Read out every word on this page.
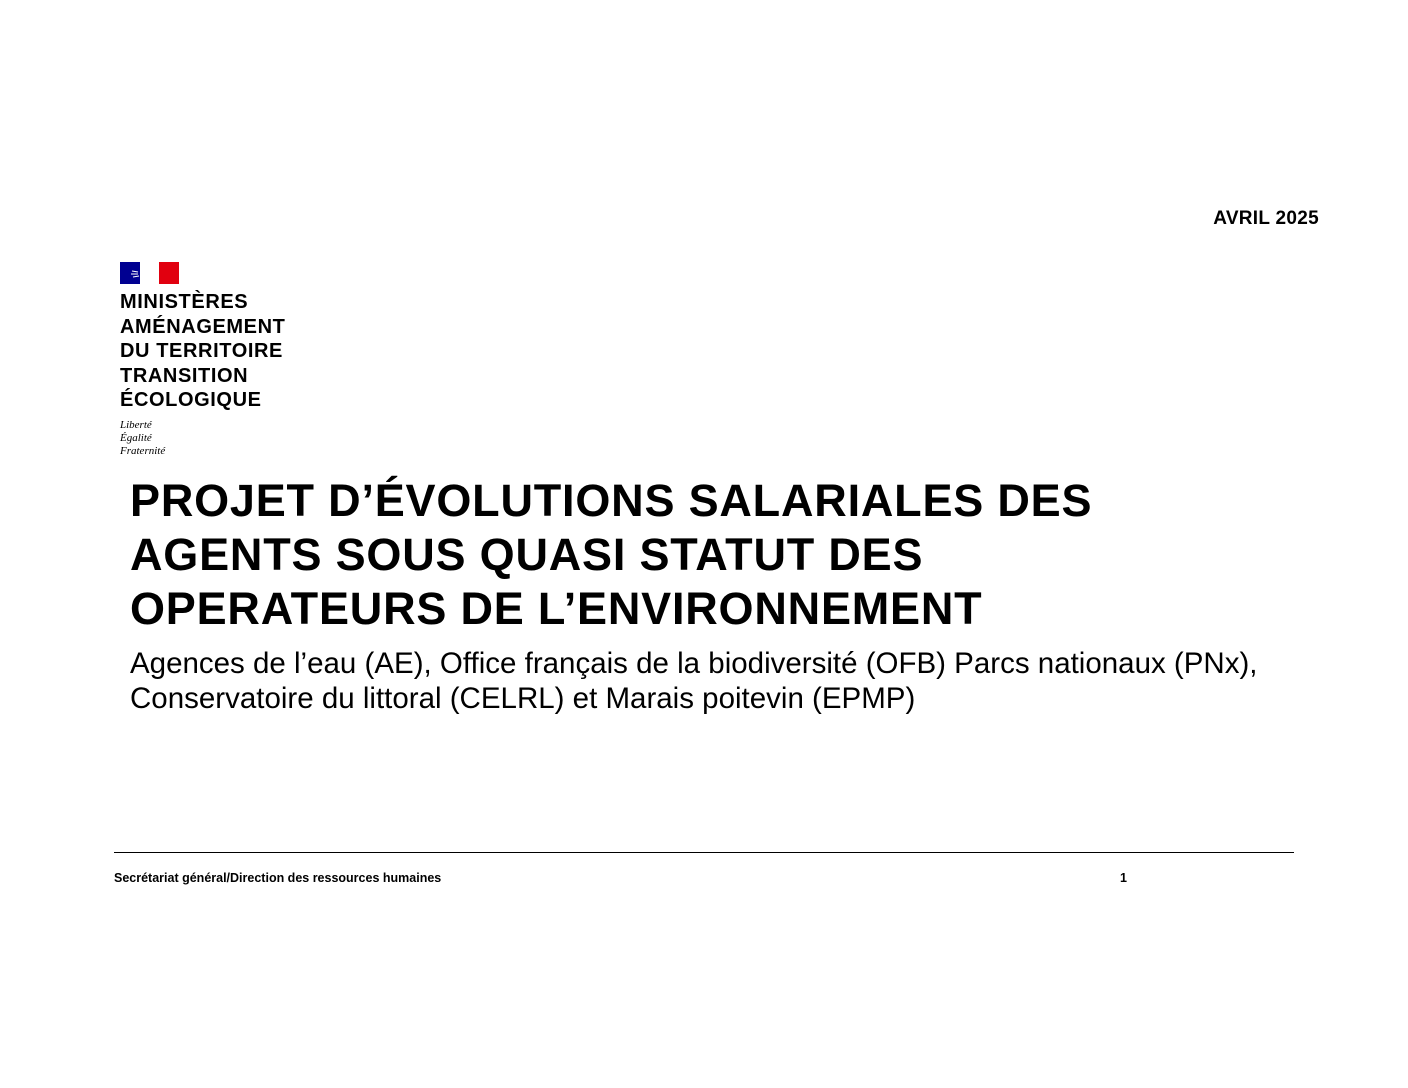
AVRIL 2025
MINISTÈRES
AMÉNAGEMENT
DU TERRITOIRE
TRANSITION
ÉCOLOGIQUE
Liberté
Égalité
Fraternité
PROJET D’ÉVOLUTIONS SALARIALES DES
AGENTS SOUS QUASI STATUT DES
OPERATEURS DE L’ENVIRONNEMENT

Agences de l’eau (AE), Office français de la biodiversité (OFB) Parcs nationaux (PNx), Conservatoire du littoral (CELRL) et Marais poitevin (EPMP)

Secrétariat général/Direction des ressources humaines	1
